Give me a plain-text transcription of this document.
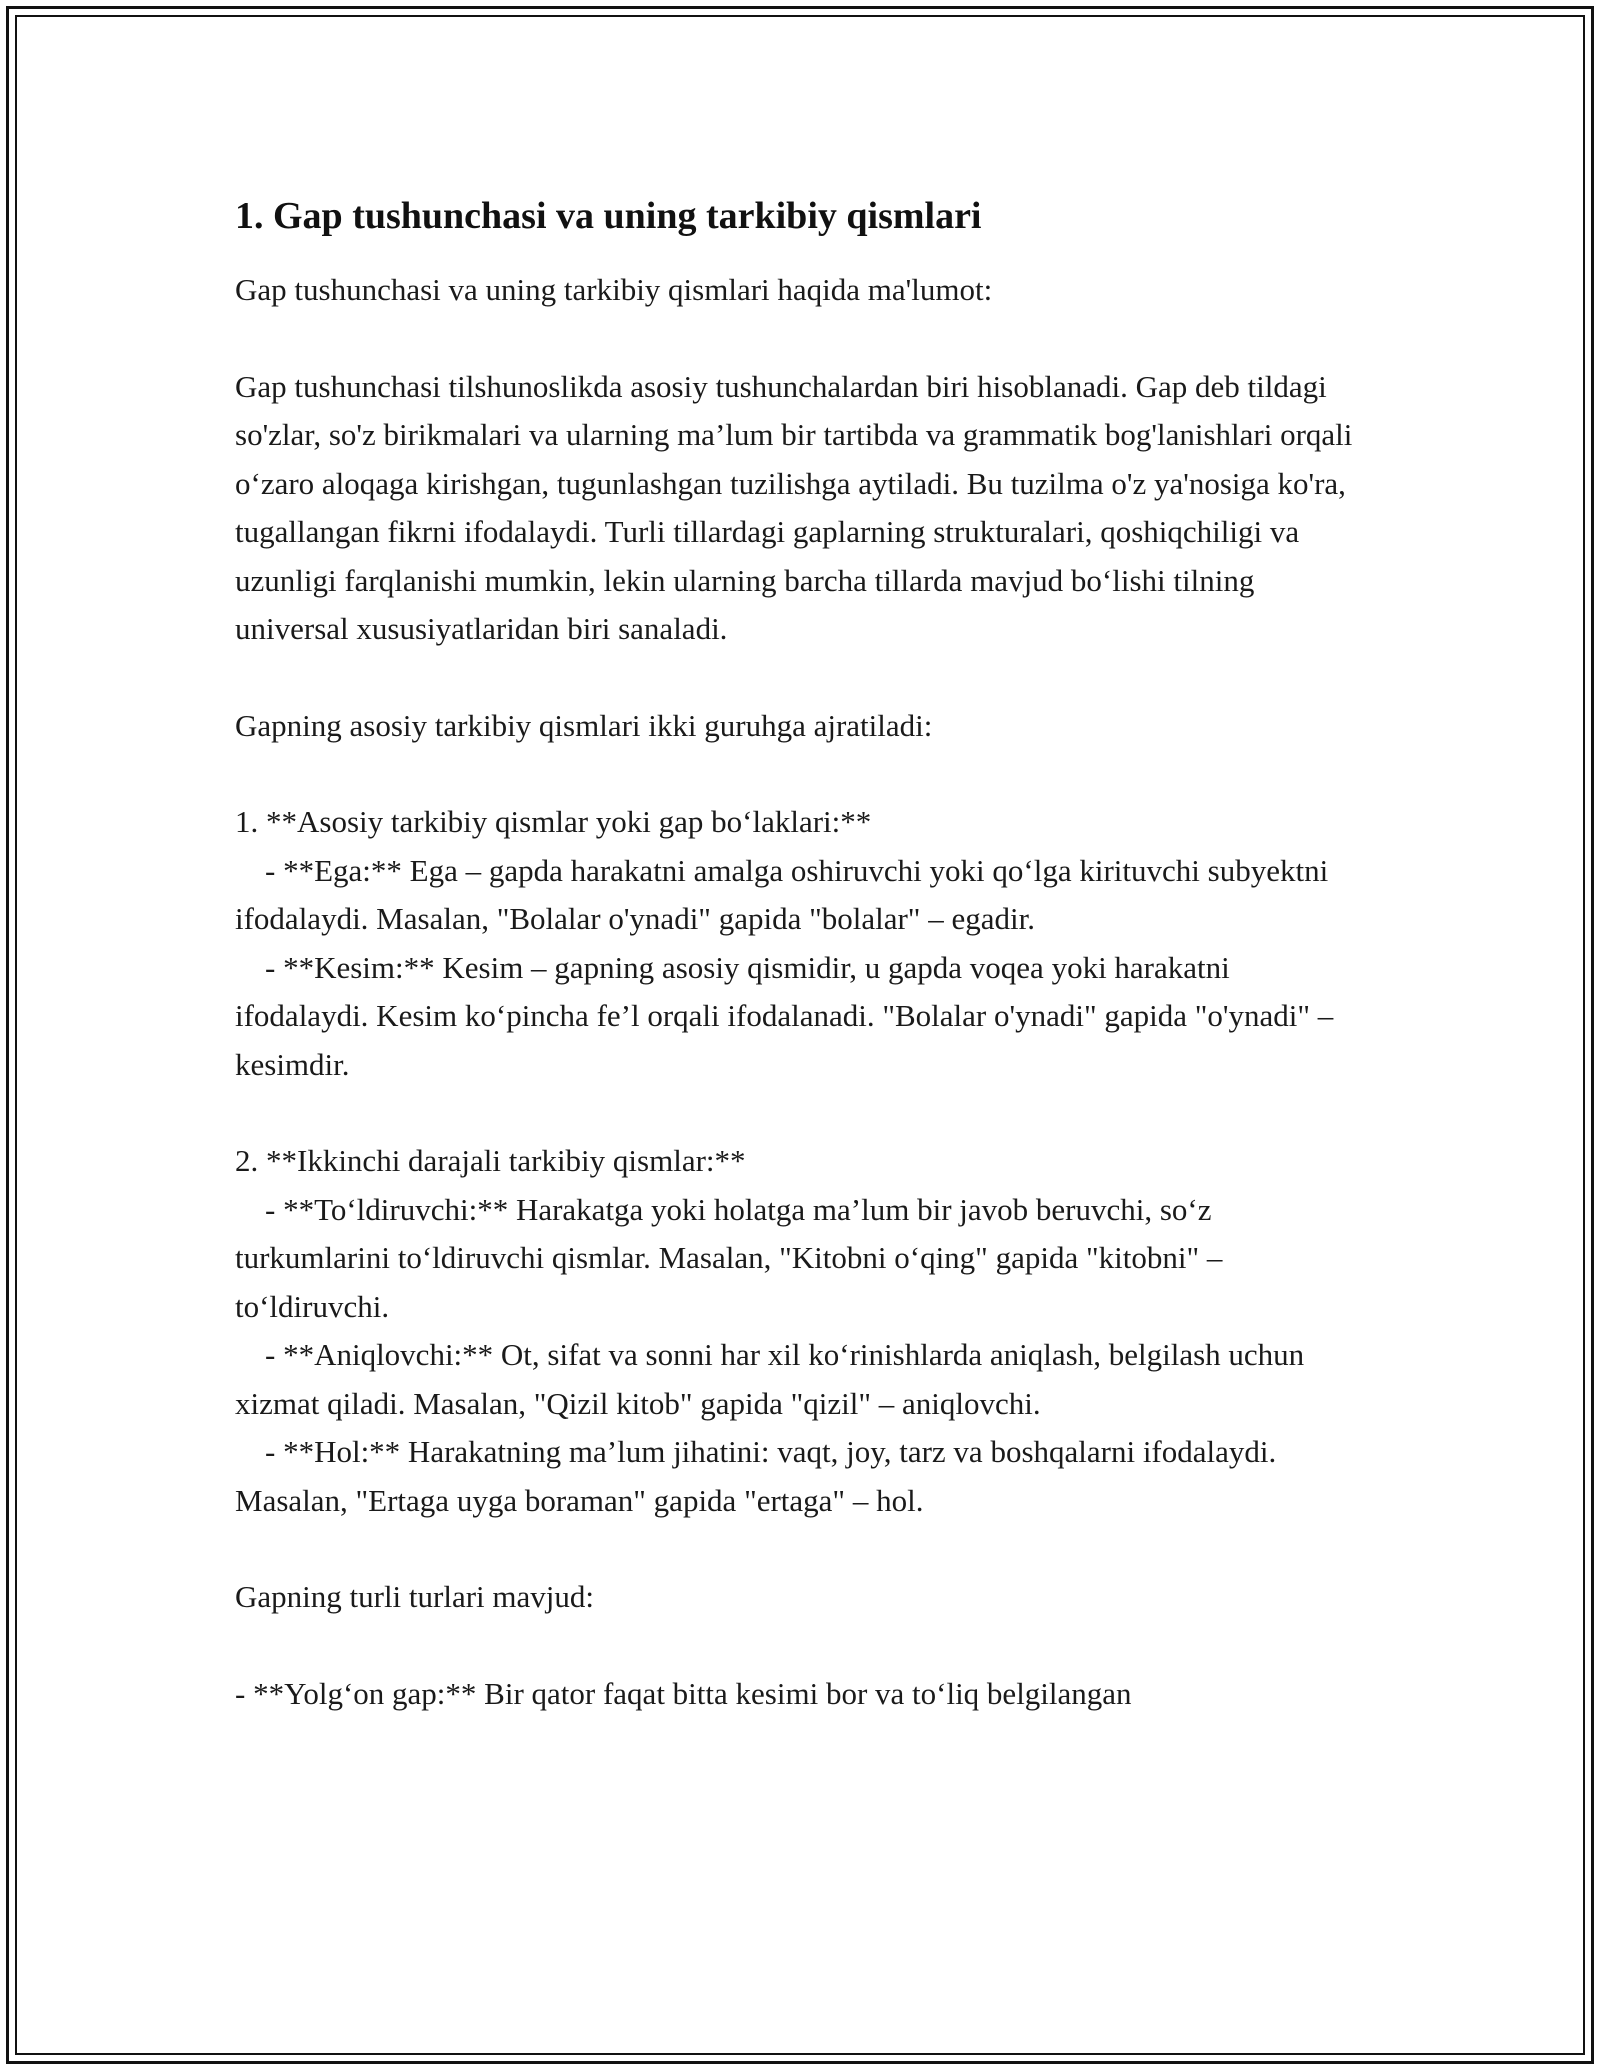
1. Gap tushunchasi va uning tarkibiy qismlari

Gap tushunchasi va uning tarkibiy qismlari haqida ma'lumot:

Gap tushunchasi tilshunoslikda asosiy tushunchalardan biri hisoblanadi. Gap deb tildagi so'zlar, so'z birikmalari va ularning ma’lum bir tartibda va grammatik bog'lanishlari orqali o‘zaro aloqaga kirishgan, tugunlashgan tuzilishga aytiladi. Bu tuzilma o'z ya'nosiga ko'ra, tugallangan fikrni ifodalaydi. Turli tillardagi gaplarning strukturalari, qoshiqchiligi va uzunligi farqlanishi mumkin, lekin ularning barcha tillarda mavjud bo‘lishi tilning universal xususiyatlaridan biri sanaladi.

Gapning asosiy tarkibiy qismlari ikki guruhga ajratiladi:

1. **Asosiy tarkibiy qismlar yoki gap bo‘laklari:**
- **Ega:** Ega – gapda harakatni amalga oshiruvchi yoki qo‘lga kirituvchi subyektni ifodalaydi. Masalan, "Bolalar o'ynadi" gapida "bolalar" – egadir.
- **Kesim:** Kesim – gapning asosiy qismidir, u gapda voqea yoki harakatni ifodalaydi. Kesim ko‘pincha fe’l orqali ifodalanadi. "Bolalar o'ynadi" gapida "o'ynadi" – kesimdir.
2. **Ikkinchi darajali tarkibiy qismlar:**
- **To‘ldiruvchi:** Harakatga yoki holatga ma’lum bir javob beruvchi, so‘z turkumlarini to‘ldiruvchi qismlar. Masalan, "Kitobni o‘qing" gapida "kitobni" – to‘ldiruvchi.
- **Aniqlovchi:** Ot, sifat va sonni har xil ko‘rinishlarda aniqlash, belgilash uchun xizmat qiladi. Masalan, "Qizil kitob" gapida "qizil" – aniqlovchi.
- **Hol:** Harakatning ma’lum jihatini: vaqt, joy, tarz va boshqalarni ifodalaydi. Masalan, "Ertaga uyga boraman" gapida "ertaga" – hol.

Gapning turli turlari mavjud:

- **Yolg‘on gap:** Bir qator faqat bitta kesimi bor va to‘liq belgilangan
